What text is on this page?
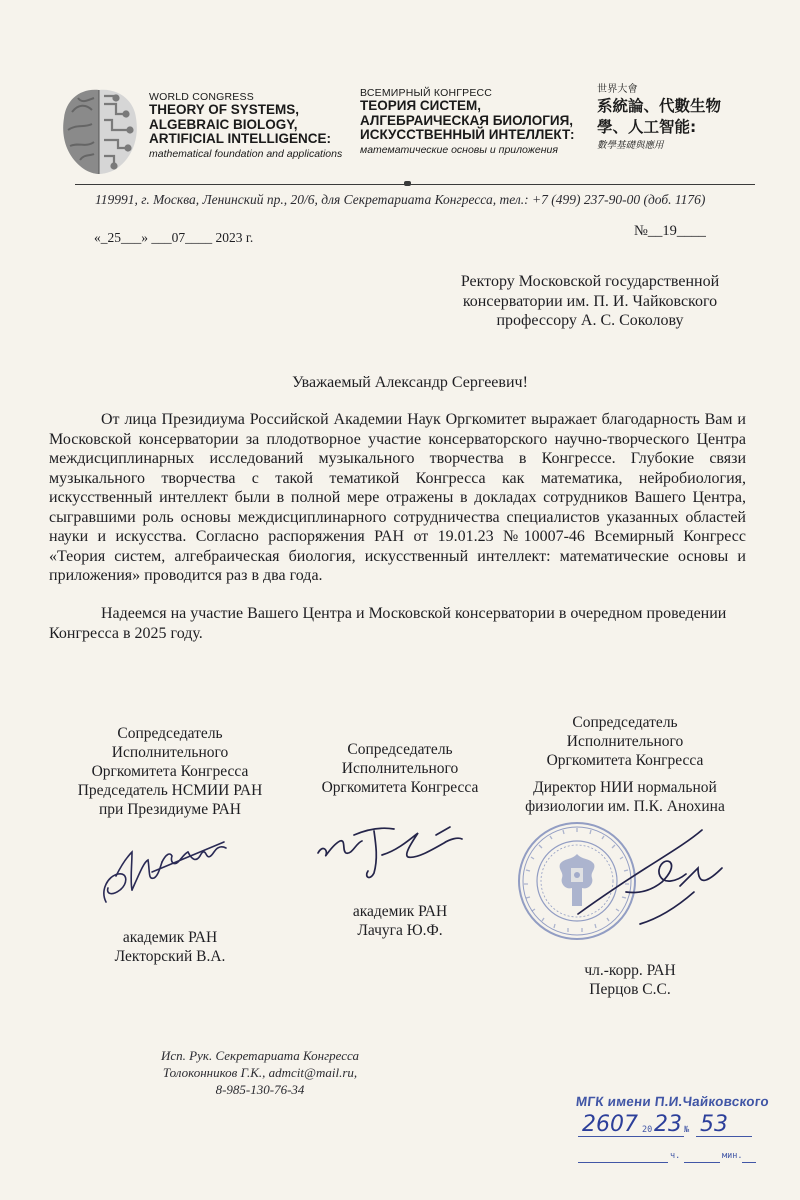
WORLD CONGRESS
THEORY OF SYSTEMS,
ALGEBRAIC BIOLOGY,
ARTIFICIAL INTELLIGENCE:
mathematical foundation and applications
ВСЕМИРНЫЙ КОНГРЕСС
ТЕОРИЯ СИСТЕМ,
АЛГЕБРАИЧЕСКАЯ БИОЛОГИЯ,
ИСКУССТВЕННЫЙ ИНТЕЛЛЕКТ:
математические основы и приложения
世界大會
系統論、代數生物
學、人工智能:
數學基礎與應用
119991, г. Москва, Ленинский пр., 20/6, для Секретариата Конгресса, тел.: +7 (499) 237-90-00 (доб. 1176)
«_25___» ___07____ 2023 г.	№__19____
Ректору Московской государственной
консерватории им. П. И. Чайковского
профессору А. С. Соколову
Уважаемый Александр Сергеевич!
От лица Президиума Российской Академии Наук Оргкомитет выражает благодарность Вам и Московской консерватории за плодотворное участие консерваторского научно-творческого Центра междисциплинарных исследований музыкального творчества в Конгрессе. Глубокие связи музыкального творчества с такой тематикой Конгресса как математика, нейробиология, искусственный интеллект были в полной мере отражены в докладах сотрудников Вашего Центра, сыгравшими роль основы междисциплинарного сотрудничества специалистов указанных областей науки и искусства. Согласно распоряжения РАН от 19.01.23 №10007-46 Всемирный Конгресс «Теория систем, алгебраическая биология, искусственный интеллект: математические основы и приложения» проводится раз в два года.
Надеемся на участие Вашего Центра и Московской консерватории в очередном проведении Конгресса в 2025 году.
Сопредседатель
Исполнительного
Оргкомитета Конгресса
Председатель НСМИИ РАН
при Президиуме РАН
академик РАН
Лекторский В.А.
Сопредседатель
Исполнительного
Оргкомитета Конгресса
академик РАН
Лачуга Ю.Ф.
Сопредседатель
Исполнительного
Оргкомитета Конгресса
Директор НИИ нормальной
физиологии им. П.К. Анохина
чл.-корр. РАН
Перцов С.С.
Исп. Рук. Секретариата Конгресса
Толоконников Г.К., admcit@mail.ru,
8-985-130-76-34
МГК имени П.И.Чайковского
2607 20 23 № 53
ч.	мин.
